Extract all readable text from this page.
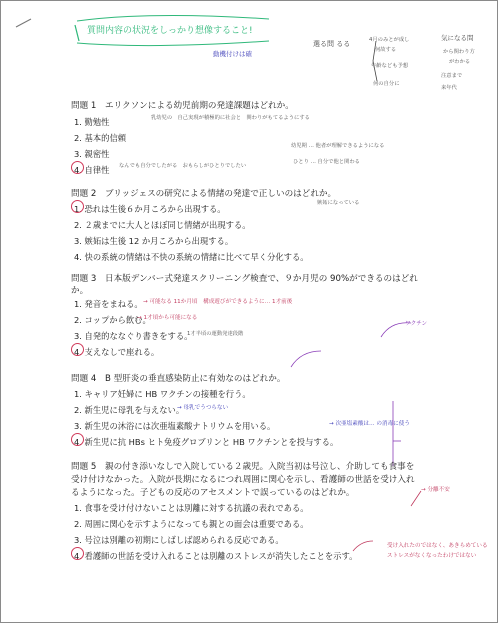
質問内容の状況をしっかり想像すること!
動機付けは確
選る問 るる	4月のみとが成し
何故する
年齢なども予想
何の自分に
気になる問
から関わり方
がわかる
注意まで
来年代
問題 1　エリクソンによる幼児前期の発達課題はどれか。
1. 勤勉性
2. 基本的信頼
3. 親密性
4. 自律性
乳幼児の　自己実現が積極的に社会と　関わりがもてるようにする
なんでも自分でしたがる　おもらしがひとりでしたい
幼児期 … 他者が理解できるようになる
ひとり … 自分で他と関わる
問題 2　ブリッジェスの研究による情緒の発達で正しいのはどれか。
1. 恐れは生後６か月ころから出現する。
2. ２歳までに大人とほぼ同じ情緒が出現する。
3. 嫉妬は生後 12 か月ころから出現する。
4. 快の系統の情緒は不快の系統の情緒に比べて早く分化する。
嫉妬になっている
問題 3　日本版デンバー式発達スクリーニング検査で、９か月児の 90%ができるのはどれ
か。
1. 発音をまねる。
2. コップから飲む。
3. 自発的ななぐり書きをする。
4. 支えなしで座れる。
→ 可能なる 11か月頃　構成遊びができるように… 1才前後
→ 1才頃から可能になる
1才半頃の運動発達段階
ワクチン
問題 4　B 型肝炎の垂直感染防止に有効なのはどれか。
1. キャリア妊婦に HB ワクチンの接種を行う。
2. 新生児に母乳を与えない。
3. 新生児の沐浴には次亜塩素酸ナトリウムを用いる。
4. 新生児に抗 HBs ヒト免疫グロブリンと HB ワクチンとを投与する。
→ 母乳でうつらない
→ 次亜塩素酸は… の消毒に使う
問題 5　親の付き添いなしで入院している２歳児。入院当初は号泣し、介助しても食事を
受け付けなかった。入院が長期になるにつれ周囲に関心を示し、看護師の世話を受け入れ
るようになった。子どもの反応のアセスメントで誤っているのはどれか。
1. 食事を受け付けないことは別離に対する抗議の表れである。
2. 周囲に関心を示すようになっても親との面会は重要である。
3. 号泣は別離の初期にしばしば認められる反応である。
4. 看護師の世話を受け入れることは別離のストレスが消失したことを示す。
→ 分離不安
受け入れたのではなく、あきらめている
ストレスがなくなったわけではない
